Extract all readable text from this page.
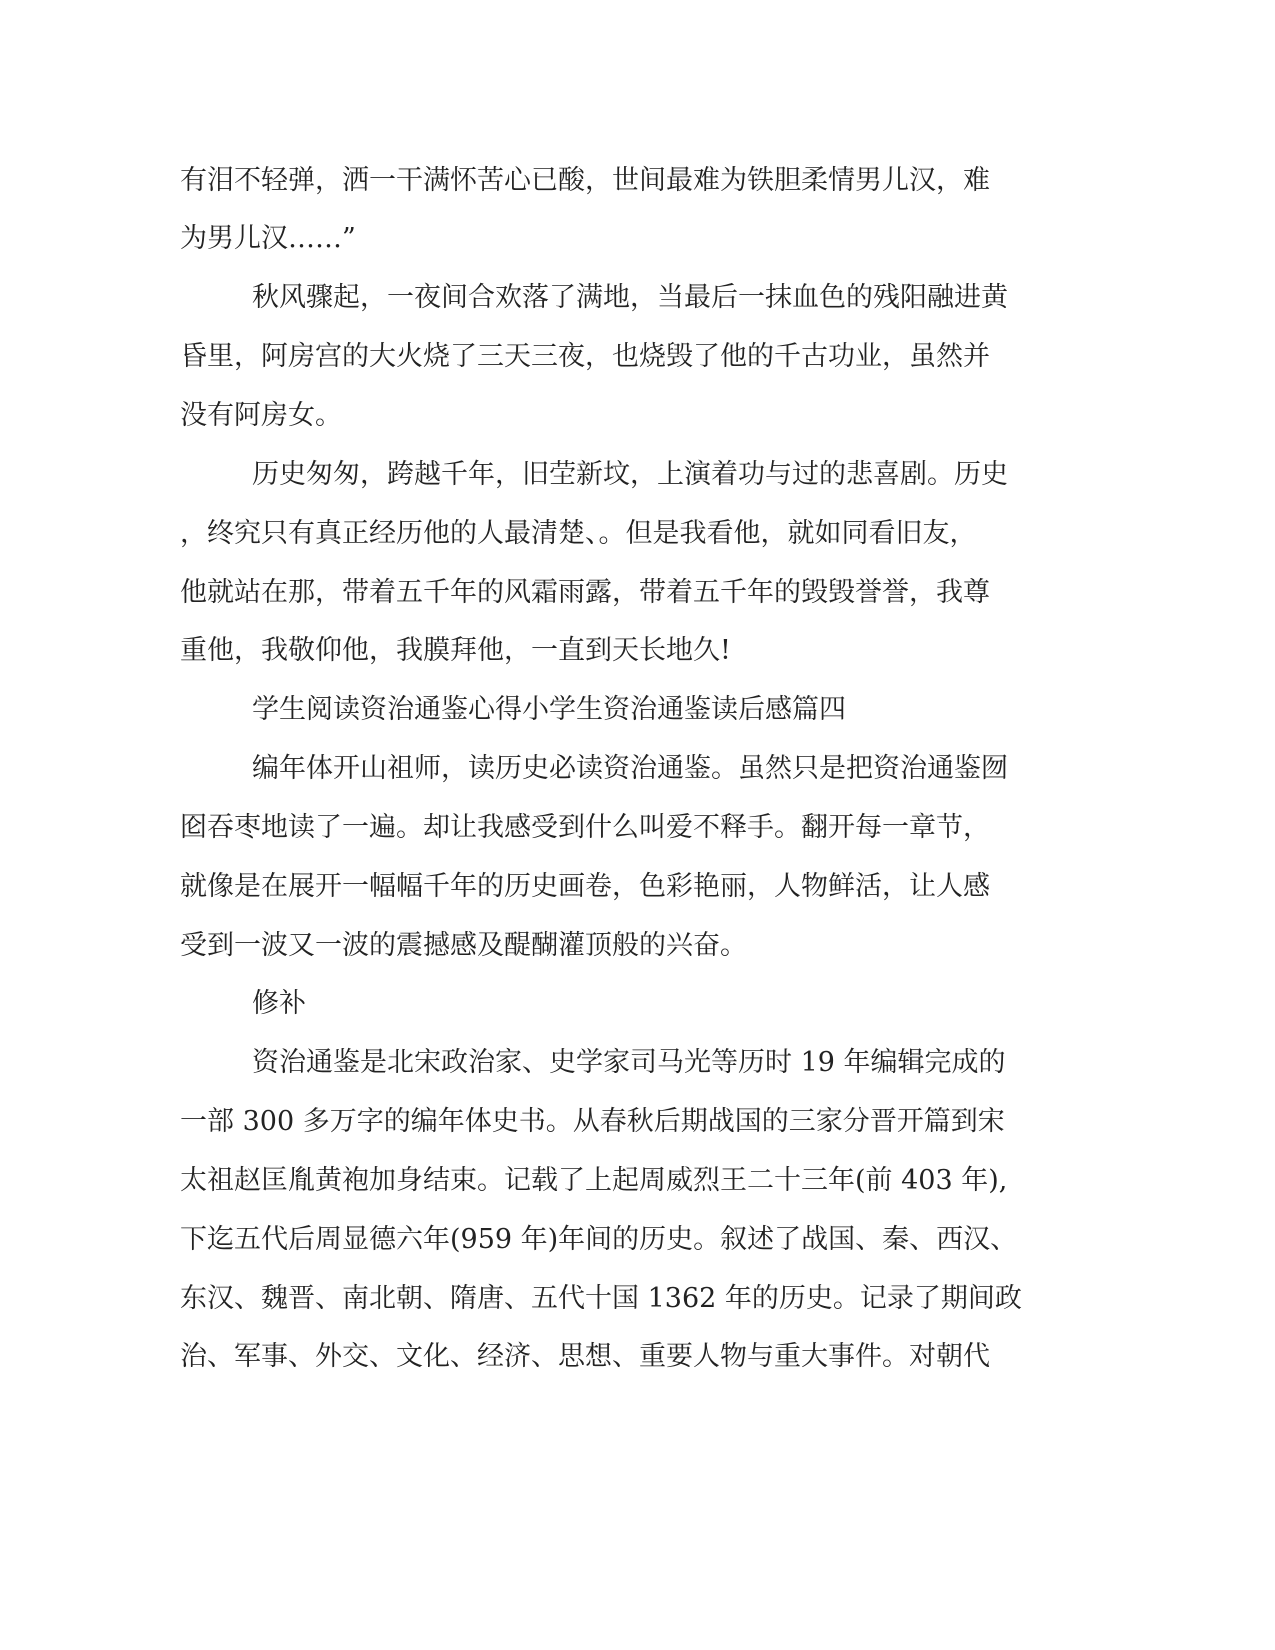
有泪不轻弹，洒一干满怀苦心已酸，世间最难为铁胆柔情男儿汉，难

为男儿汉……”

秋风骤起，一夜间合欢落了满地，当最后一抹血色的残阳融进黄

昏里，阿房宫的大火烧了三天三夜，也烧毁了他的千古功业，虽然并

没有阿房女。

历史匆匆，跨越千年，旧茔新坟，上演着功与过的悲喜剧。历史

，终究只有真正经历他的人最清楚、。但是我看他，就如同看旧友，

他就站在那，带着五千年的风霜雨露，带着五千年的毁毁誉誉，我尊

重他，我敬仰他，我膜拜他，一直到天长地久!

学生阅读资治通鉴心得小学生资治通鉴读后感篇四

编年体开山祖师，读历史必读资治通鉴。虽然只是把资治通鉴囫

囵吞枣地读了一遍。却让我感受到什么叫爱不释手。翻开每一章节，

就像是在展开一幅幅千年的历史画卷，色彩艳丽，人物鲜活，让人感

受到一波又一波的震撼感及醍醐灌顶般的兴奋。

修补

资治通鉴是北宋政治家、史学家司马光等历时 19 年编辑完成的

一部 300 多万字的编年体史书。从春秋后期战国的三家分晋开篇到宋

太祖赵匡胤黄袍加身结束。记载了上起周威烈王二十三年(前 403 年),

下迄五代后周显德六年(959 年)年间的历史。叙述了战国、秦、西汉、

东汉、魏晋、南北朝、隋唐、五代十国 1362 年的历史。记录了期间政

治、军事、外交、文化、经济、思想、重要人物与重大事件。对朝代
